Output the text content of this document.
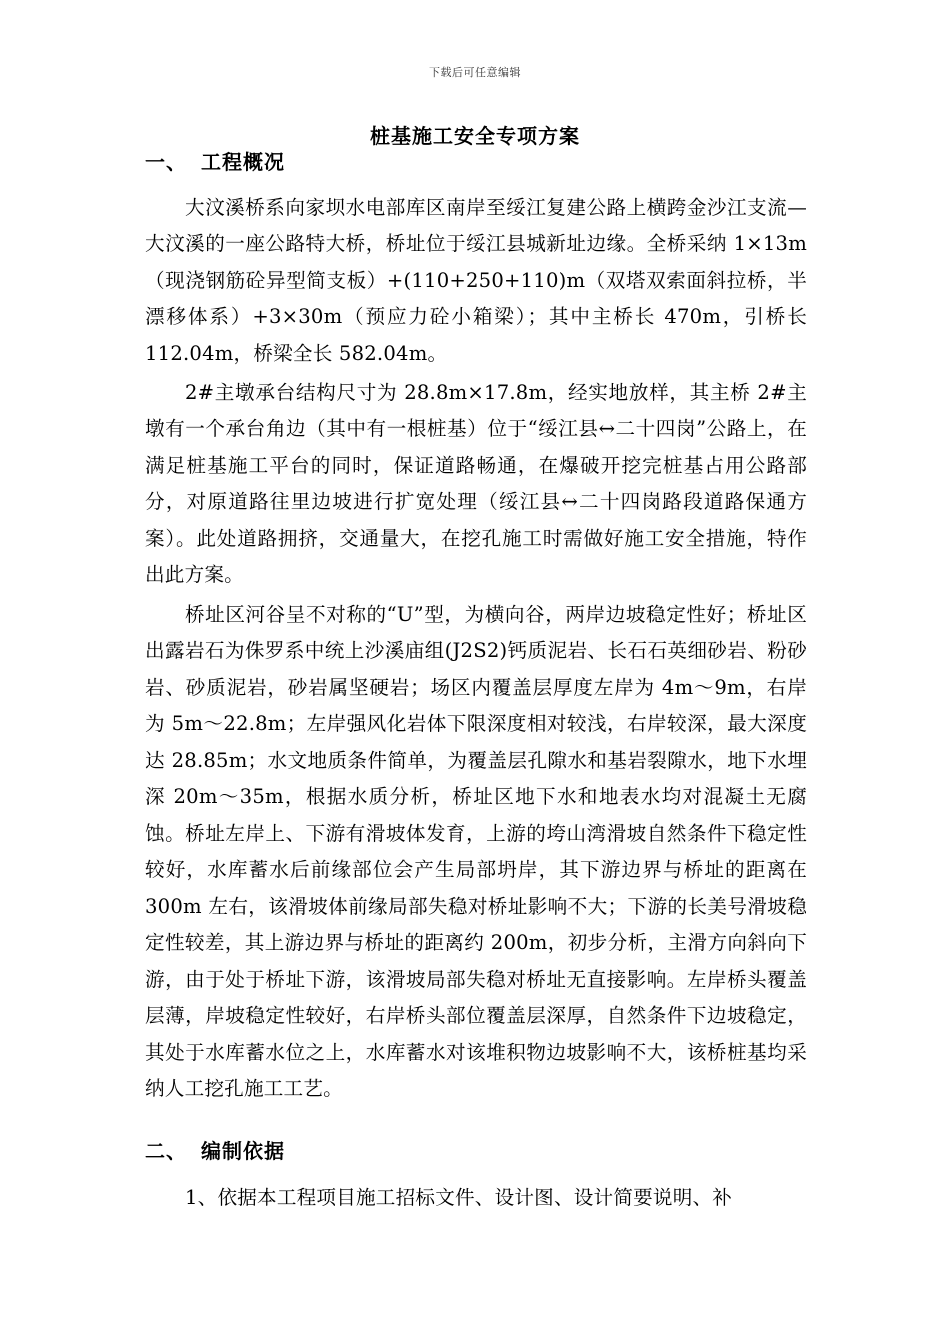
下载后可任意编辑
桩基施工安全专项方案
一、 工程概况

大汶溪桥系向家坝水电部库区南岸至绥江复建公路上横跨金沙江支流—大汶溪的一座公路特大桥，桥址位于绥江县城新址边缘。全桥采纳 1×13m（现浇钢筋砼异型简支板）+(110+250+110)m（双塔双索面斜拉桥，半漂移体系）+3×30m（预应力砼小箱梁）；其中主桥长 470m，引桥长 112.04m，桥梁全长 582.04m。

2#主墩承台结构尺寸为 28.8m×17.8m，经实地放样，其主桥 2#主墩有一个承台角边（其中有一根桩基）位于“绥江县↔二十四岗”公路上，在满足桩基施工平台的同时，保证道路畅通，在爆破开挖完桩基占用公路部分，对原道路往里边坡进行扩宽处理（绥江县↔二十四岗路段道路保通方案）。此处道路拥挤，交通量大，在挖孔施工时需做好施工安全措施，特作出此方案。

桥址区河谷呈不对称的“U”型，为横向谷，两岸边坡稳定性好；桥址区出露岩石为侏罗系中统上沙溪庙组(J2S2)钙质泥岩、长石石英细砂岩、粉砂岩、砂质泥岩，砂岩属坚硬岩；场区内覆盖层厚度左岸为 4m～9m，右岸为 5m～22.8m；左岸强风化岩体下限深度相对较浅，右岸较深，最大深度达 28.85m；水文地质条件简单，为覆盖层孔隙水和基岩裂隙水，地下水埋深 20m～35m，根据水质分析，桥址区地下水和地表水均对混凝土无腐蚀。桥址左岸上、下游有滑坡体发育，上游的垮山湾滑坡自然条件下稳定性较好，水库蓄水后前缘部位会产生局部坍岸，其下游边界与桥址的距离在 300m 左右，该滑坡体前缘局部失稳对桥址影响不大；下游的长美号滑坡稳定性较差，其上游边界与桥址的距离约 200m，初步分析，主滑方向斜向下游，由于处于桥址下游，该滑坡局部失稳对桥址无直接影响。左岸桥头覆盖层薄，岸坡稳定性较好，右岸桥头部位覆盖层深厚，自然条件下边坡稳定，其处于水库蓄水位之上，水库蓄水对该堆积物边坡影响不大，该桥桩基均采纳人工挖孔施工工艺。

二、 编制依据

1、依据本工程项目施工招标文件、设计图、设计简要说明、补
